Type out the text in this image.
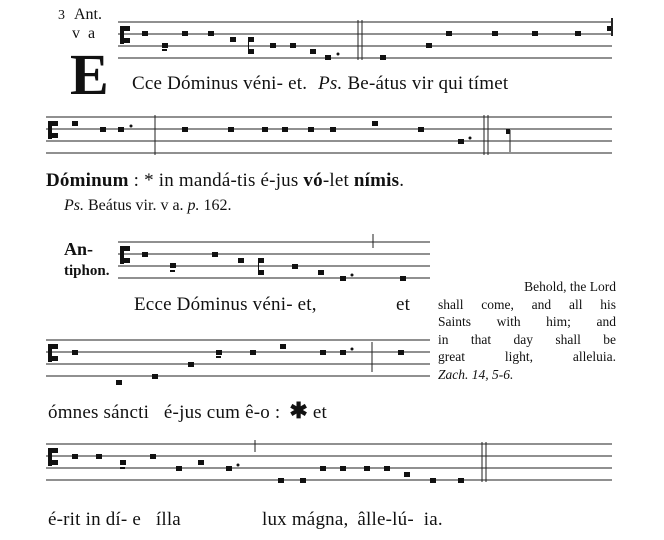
3 Ant.
v a
E Cce Dóminus véni- et. Ps. Be-átus vir qui tímet
Dóminum : * in mandá-tis é-jus vó-let nímis.
Ps. Beátus vir. v a. p. 162.
An-
tiphon.
Ecce Dóminus véni- et,	et
ómnes sáncti   é-jus cum ê-o : ✱ et
é-rit in dí- e   ílla	lux mágna, âlle-lú-  ia.
Behold, the Lord
shall come, and all his
Saints with him; and
in that day shall be
great light, alleluia.
Zach. 14, 5-6.
